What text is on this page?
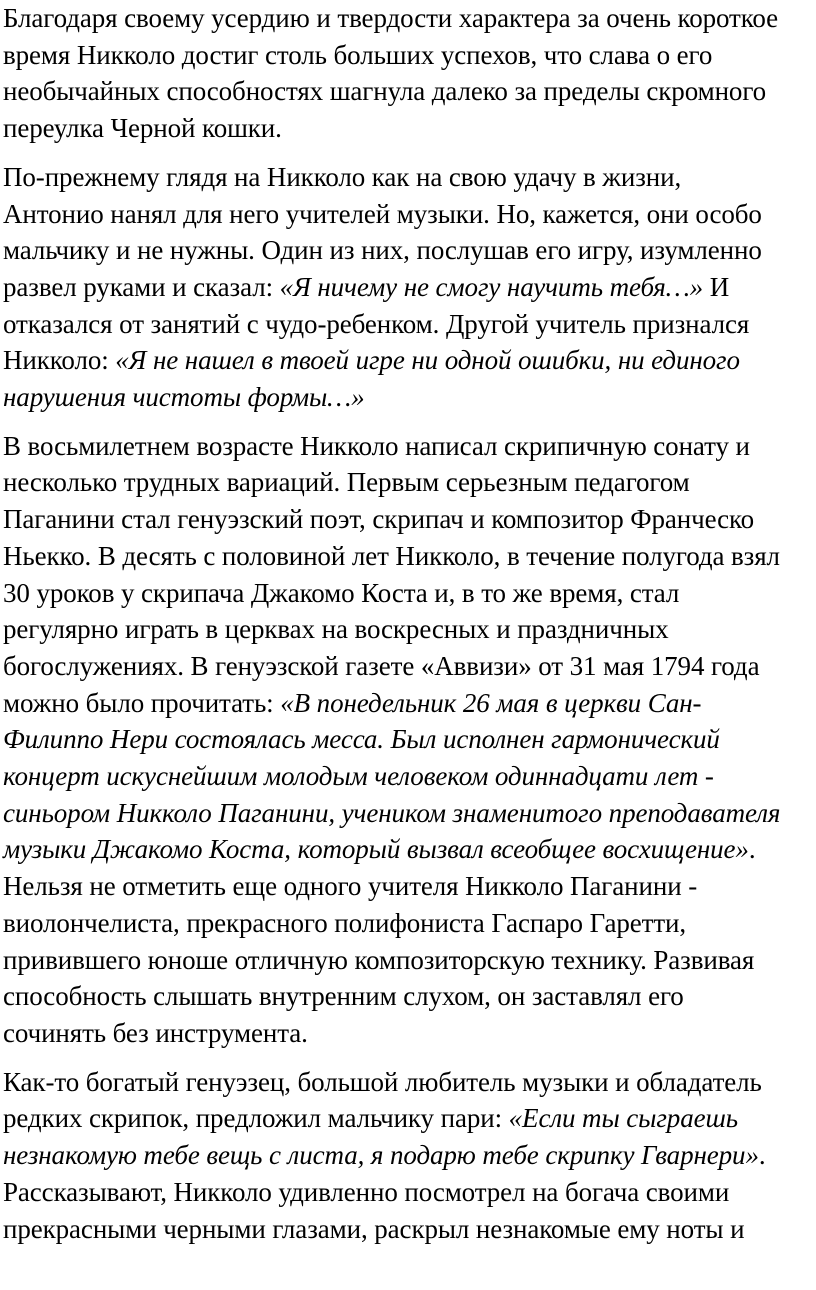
Благодаря своему усердию и твердости характера за очень короткое
время Никколо достиг столь больших успехов, что слава о его
необычайных способностях шагнула далеко за пределы скромного
переулка Черной кошки.

По-прежнему глядя на Никколо как на свою удачу в жизни,
Антонио нанял для него учителей музыки. Но, кажется, они особо
мальчику и не нужны. Один из них, послушав его игру, изумленно
развел руками и сказал: «Я ничему не смогу научить тебя…» И
отказался от занятий с чудо-ребенком. Другой учитель признался
Никколо: «Я не нашел в твоей игре ни одной ошибки, ни единого
нарушения чистоты формы…»

В восьмилетнем возрасте Никколо написал скрипичную сонату и
несколько трудных вариаций. Первым серьезным педагогом
Паганини стал генуэзский поэт, скрипач и композитор Франческо
Ньекко. В десять с половиной лет Никколо, в течение полугода взял
30 уроков у скрипача Джакомо Коста и, в то же время, стал
регулярно играть в церквах на воскресных и праздничных
богослужениях. В генуэзской газете «Аввизи» от 31 мая 1794 года
можно было прочитать: «В понедельник 26 мая в церкви Сан-
Филиппо Нери состоялась месса. Был исполнен гармонический
концерт искуснейшим молодым человеком одиннадцати лет -
синьором Никколо Паганини, учеником знаменитого преподавателя
музыки Джакомо Коста, который вызвал всеобщее восхищение».
Нельзя не отметить еще одного учителя Никколо Паганини -
виолончелиста, прекрасного полифониста Гаспаро Гаретти,
привившего юноше отличную композиторскую технику. Развивая
способность слышать внутренним слухом, он заставлял его
сочинять без инструмента.

Как-то богатый генуэзец, большой любитель музыки и обладатель
редких скрипок, предложил мальчику пари: «Если ты сыграешь
незнакомую тебе вещь с листа, я подарю тебе скрипку Гварнери».
Рассказывают, Никколо удивленно посмотрел на богача своими
прекрасными черными глазами, раскрыл незнакомые ему ноты и
